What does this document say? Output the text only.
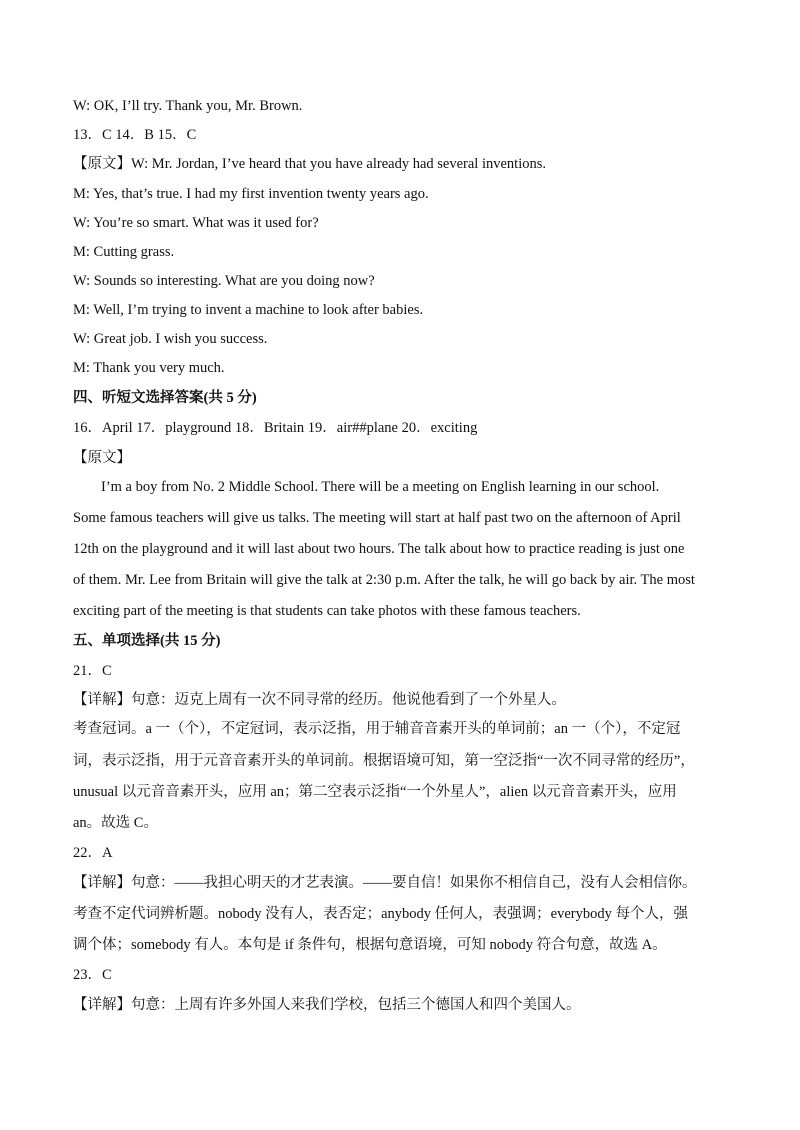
W: OK, I’ll try. Thank you, Mr. Brown.
13．C 14．B 15．C
【原文】W: Mr. Jordan, I’ve heard that you have already had several inventions.
M: Yes, that’s true. I had my first invention twenty years ago.
W: You’re so smart. What was it used for?
M: Cutting grass.
W: Sounds so interesting. What are you doing now?
M: Well, I’m trying to invent a machine to look after babies.
W: Great job. I wish you success.
M: Thank you very much.
四、听短文选择答案(共 5 分)
16．April 17．playground 18．Britain 19．air##plane 20．exciting
【原文】
I’m a boy from No. 2 Middle School. There will be a meeting on English learning in our school.
Some famous teachers will give us talks. The meeting will start at half past two on the afternoon of April
12th on the playground and it will last about two hours. The talk about how to practice reading is just one
of them. Mr. Lee from Britain will give the talk at 2:30 p.m. After the talk, he will go back by air. The most
exciting part of the meeting is that students can take photos with these famous teachers.
五、单项选择(共 15 分)
21．C
【详解】句意：迈克上周有一次不同寻常的经历。他说他看到了一个外星人。
考查冠词。a 一（个），不定冠词，表示泛指，用于辅音音素开头的单词前；an 一（个），不定冠
词，表示泛指，用于元音音素开头的单词前。根据语境可知，第一空泛指“一次不同寻常的经历”，
unusual 以元音音素开头，应用 an；第二空表示泛指“一个外星人”，alien 以元音音素开头，应用
an。故选 C。
22．A
【详解】句意：——我担心明天的才艺表演。——要自信！如果你不相信自己，没有人会相信你。
考查不定代词辨析题。nobody 没有人，表否定；anybody 任何人，表强调；everybody 每个人，强
调个体；somebody 有人。本句是 if 条件句，根据句意语境，可知 nobody 符合句意，故选 A。
23．C
【详解】句意：上周有许多外国人来我们学校，包括三个德国人和四个美国人。
